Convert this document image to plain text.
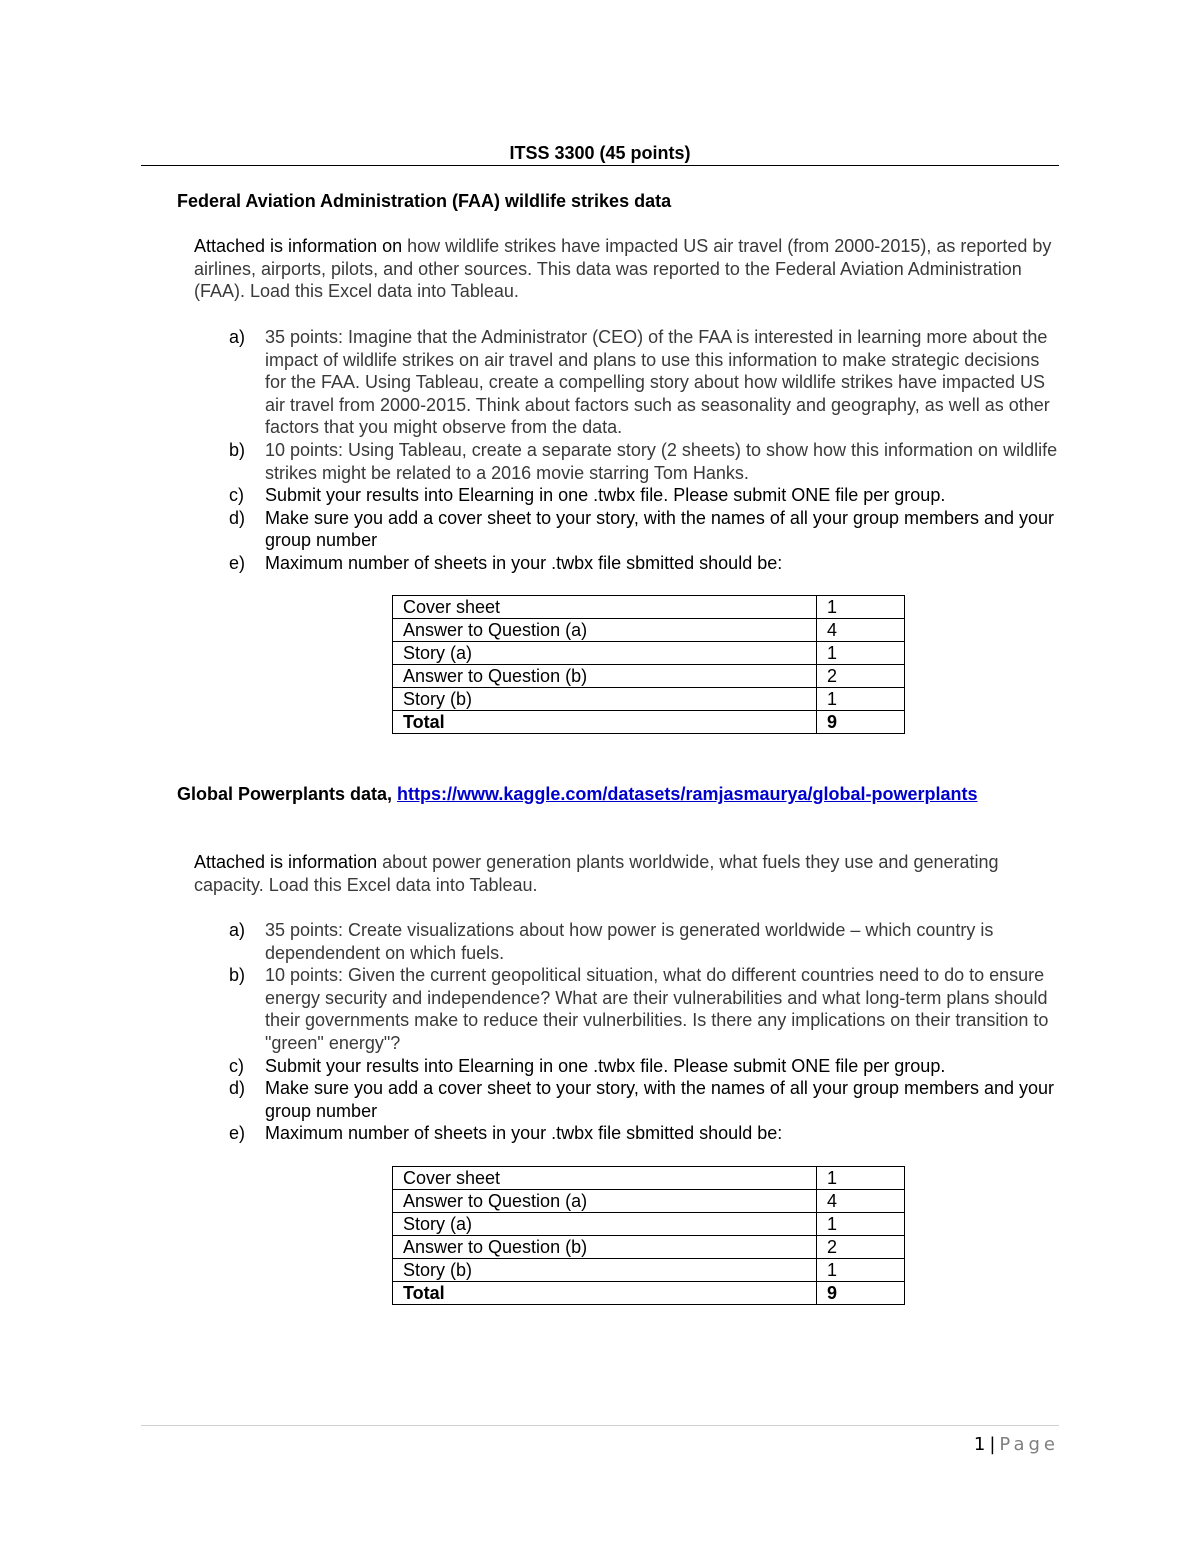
ITSS 3300 (45 points)
Federal Aviation Administration (FAA) wildlife strikes data

Attached is information on how wildlife strikes have impacted US air travel (from 2000-2015), as reported by airlines, airports, pilots, and other sources. This data was reported to the Federal Aviation Administration (FAA). Load this Excel data into Tableau.

a) 35 points: Imagine that the Administrator (CEO) of the FAA is interested in learning more about the impact of wildlife strikes on air travel and plans to use this information to make strategic decisions for the FAA. Using Tableau, create a compelling story about how wildlife strikes have impacted US air travel from 2000-2015. Think about factors such as seasonality and geography, as well as other factors that you might observe from the data.
b) 10 points: Using Tableau, create a separate story (2 sheets) to show how this information on wildlife strikes might be related to a 2016 movie starring Tom Hanks.
c) Submit your results into Elearning in one .twbx file. Please submit ONE file per group.
d) Make sure you add a cover sheet to your story, with the names of all your group members and your group number
e) Maximum number of sheets in your .twbx file sbmitted should be:
Cover sheet	1
Answer to Question (a)	4
Story (a)	1
Answer to Question (b)	2
Story (b)	1
Total	9
Global Powerplants data, https://www.kaggle.com/datasets/ramjasmaurya/global-powerplants

Attached is information about power generation plants worldwide, what fuels they use and generating capacity. Load this Excel data into Tableau.

a) 35 points: Create visualizations about how power is generated worldwide – which country is dependendent on which fuels.
b) 10 points: Given the current geopolitical situation, what do different countries need to do to ensure energy security and independence? What are their vulnerabilities and what long-term plans should their governments make to reduce their vulnerbilities. Is there any implications on their transition to "green" energy"?
c) Submit your results into Elearning in one .twbx file. Please submit ONE file per group.
d) Make sure you add a cover sheet to your story, with the names of all your group members and your group number
e) Maximum number of sheets in your .twbx file sbmitted should be:
Cover sheet	1
Answer to Question (a)	4
Story (a)	1
Answer to Question (b)	2
Story (b)	1
Total	9
1 | Page
